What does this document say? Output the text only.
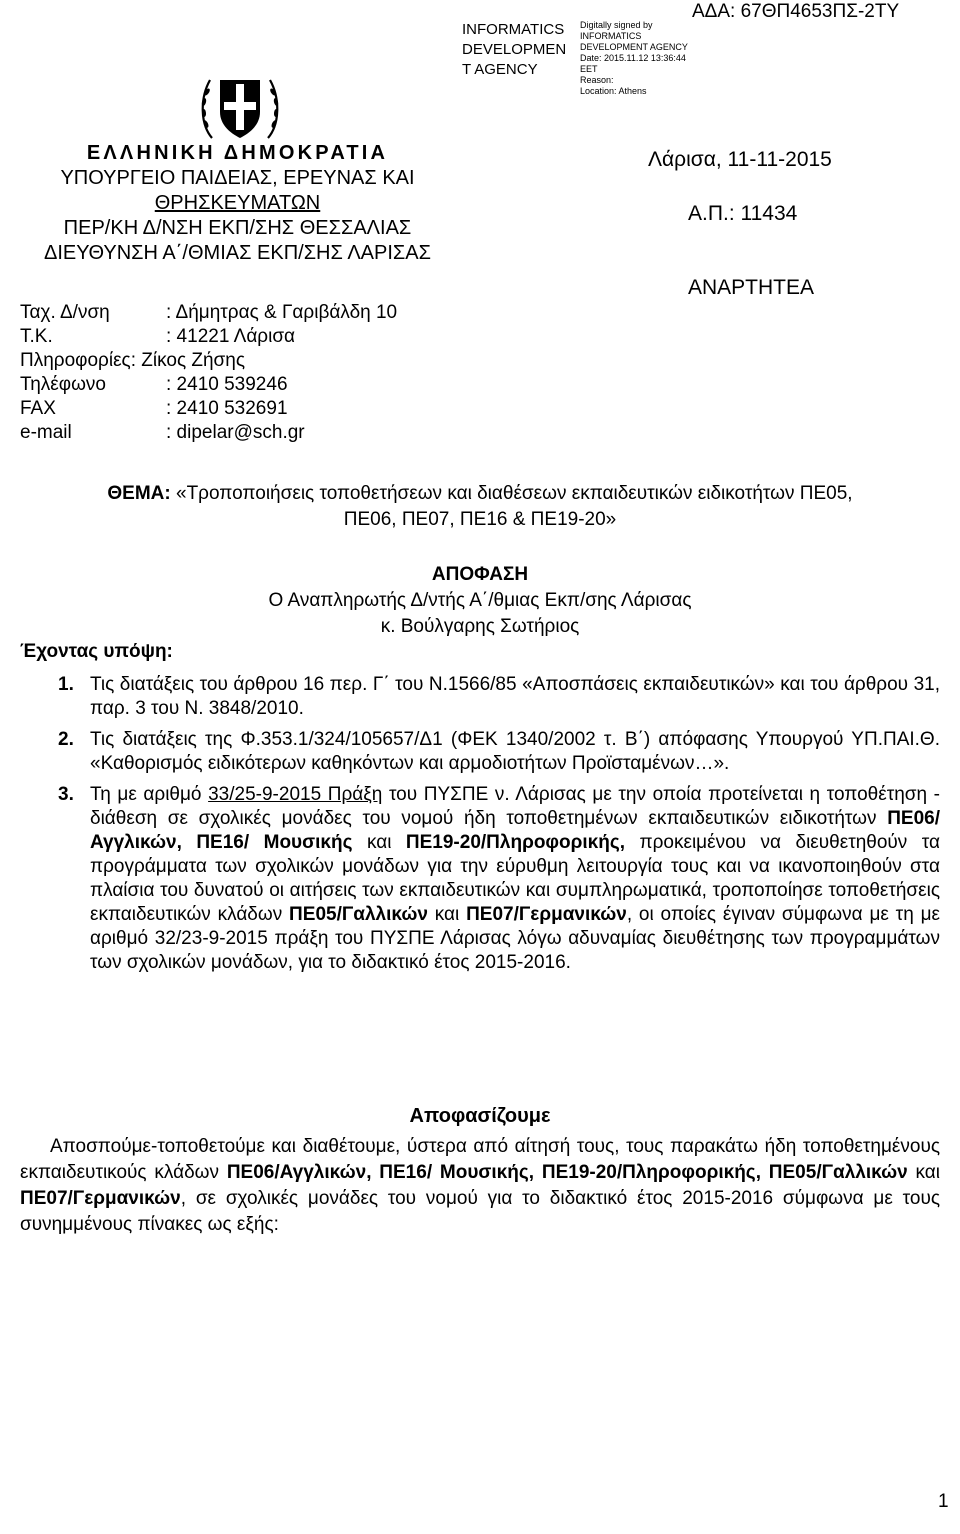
INFORMATICS
DEVELOPMEN
T AGENCY
Digitally signed by
INFORMATICS
DEVELOPMENT AGENCY
Date: 2015.11.12 13:36:44
EET
Reason:
Location: Athens
ΑΔΑ: 67ΘΠ4653ΠΣ-2ΤΥ
ΕΛΛΗΝΙΚΗ ΔΗΜΟΚΡΑΤΙΑ
ΥΠΟΥΡΓΕΙΟ ΠΑΙΔΕΙΑΣ, ΕΡΕΥΝΑΣ ΚΑΙ
ΘΡΗΣΚΕΥΜΑΤΩΝ
ΠΕΡ/ΚΗ Δ/ΝΣΗ ΕΚΠ/ΣΗΣ ΘΕΣΣΑΛΙΑΣ
ΔΙΕΥΘΥΝΣΗ Α΄/ΘΜΙΑΣ ΕΚΠ/ΣΗΣ ΛΑΡΙΣΑΣ
Ταχ. Δ/νση	: Δήμητρας & Γαριβάλδη 10
Τ.Κ.	: 41221 Λάρισα
Πληροφορίες: Ζίκος Ζήσης
Τηλέφωνο	: 2410 539246
FAX	: 2410 532691
e-mail	: dipelar@sch.gr
Λάρισα, 11-11-2015
Α.Π.: 11434
ΑΝΑΡΤΗΤΕΑ
ΘΕΜΑ: «Τροποποιήσεις τοποθετήσεων και διαθέσεων εκπαιδευτικών ειδικοτήτων ΠΕ05,
ΠΕ06, ΠΕ07, ΠΕ16 & ΠΕ19-20»
ΑΠΟΦΑΣΗ
Ο Αναπληρωτής Δ/ντής Α΄/θμιας Εκπ/σης Λάρισας
κ. Βούλγαρης Σωτήριος
Έχοντας υπόψη:
1. Τις διατάξεις του άρθρου 16 περ. Γ΄ του Ν.1566/85 «Αποσπάσεις εκπαιδευτικών» και του άρθρου 31, παρ. 3 του Ν. 3848/2010.
2. Τις διατάξεις της Φ.353.1/324/105657/Δ1 (ΦΕΚ 1340/2002 τ. Β΄) απόφασης Υπουργού ΥΠ.ΠΑΙ.Θ. «Καθορισμός ειδικότερων καθηκόντων και αρμοδιοτήτων Προϊσταμένων…».
3. Τη με αριθμό 33/25-9-2015 Πράξη του ΠΥΣΠΕ ν. Λάρισας με την οποία προτείνεται η τοποθέτηση - διάθεση σε σχολικές μονάδες του νομού ήδη τοποθετημένων εκπαιδευτικών ειδικοτήτων ΠΕ06/Αγγλικών, ΠΕ16/ Μουσικής και ΠΕ19-20/Πληροφορικής, προκειμένου να διευθετηθούν τα προγράμματα των σχολικών μονάδων για την εύρυθμη λειτουργία τους και να ικανοποιηθούν στα πλαίσια του δυνατού οι αιτήσεις των εκπαιδευτικών και συμπληρωματικά, τροποποίησε τοποθετήσεις εκπαιδευτικών κλάδων ΠΕ05/Γαλλικών και ΠΕ07/Γερμανικών, οι οποίες έγιναν σύμφωνα με τη με αριθμό 32/23-9-2015 πράξη του ΠΥΣΠΕ Λάρισας λόγω αδυναμίας διευθέτησης των προγραμμάτων των σχολικών μονάδων, για το διδακτικό έτος 2015-2016.
Αποφασίζουμε
Αποσπούμε-τοποθετούμε και διαθέτουμε, ύστερα από αίτησή τους, τους παρακάτω ήδη τοποθετημένους εκπαιδευτικούς κλάδων ΠΕ06/Αγγλικών, ΠΕ16/ Μουσικής, ΠΕ19-20/Πληροφορικής, ΠΕ05/Γαλλικών και ΠΕ07/Γερμανικών, σε σχολικές μονάδες του νομού για το διδακτικό έτος 2015-2016 σύμφωνα με τους συνημμένους πίνακες ως εξής:
1
